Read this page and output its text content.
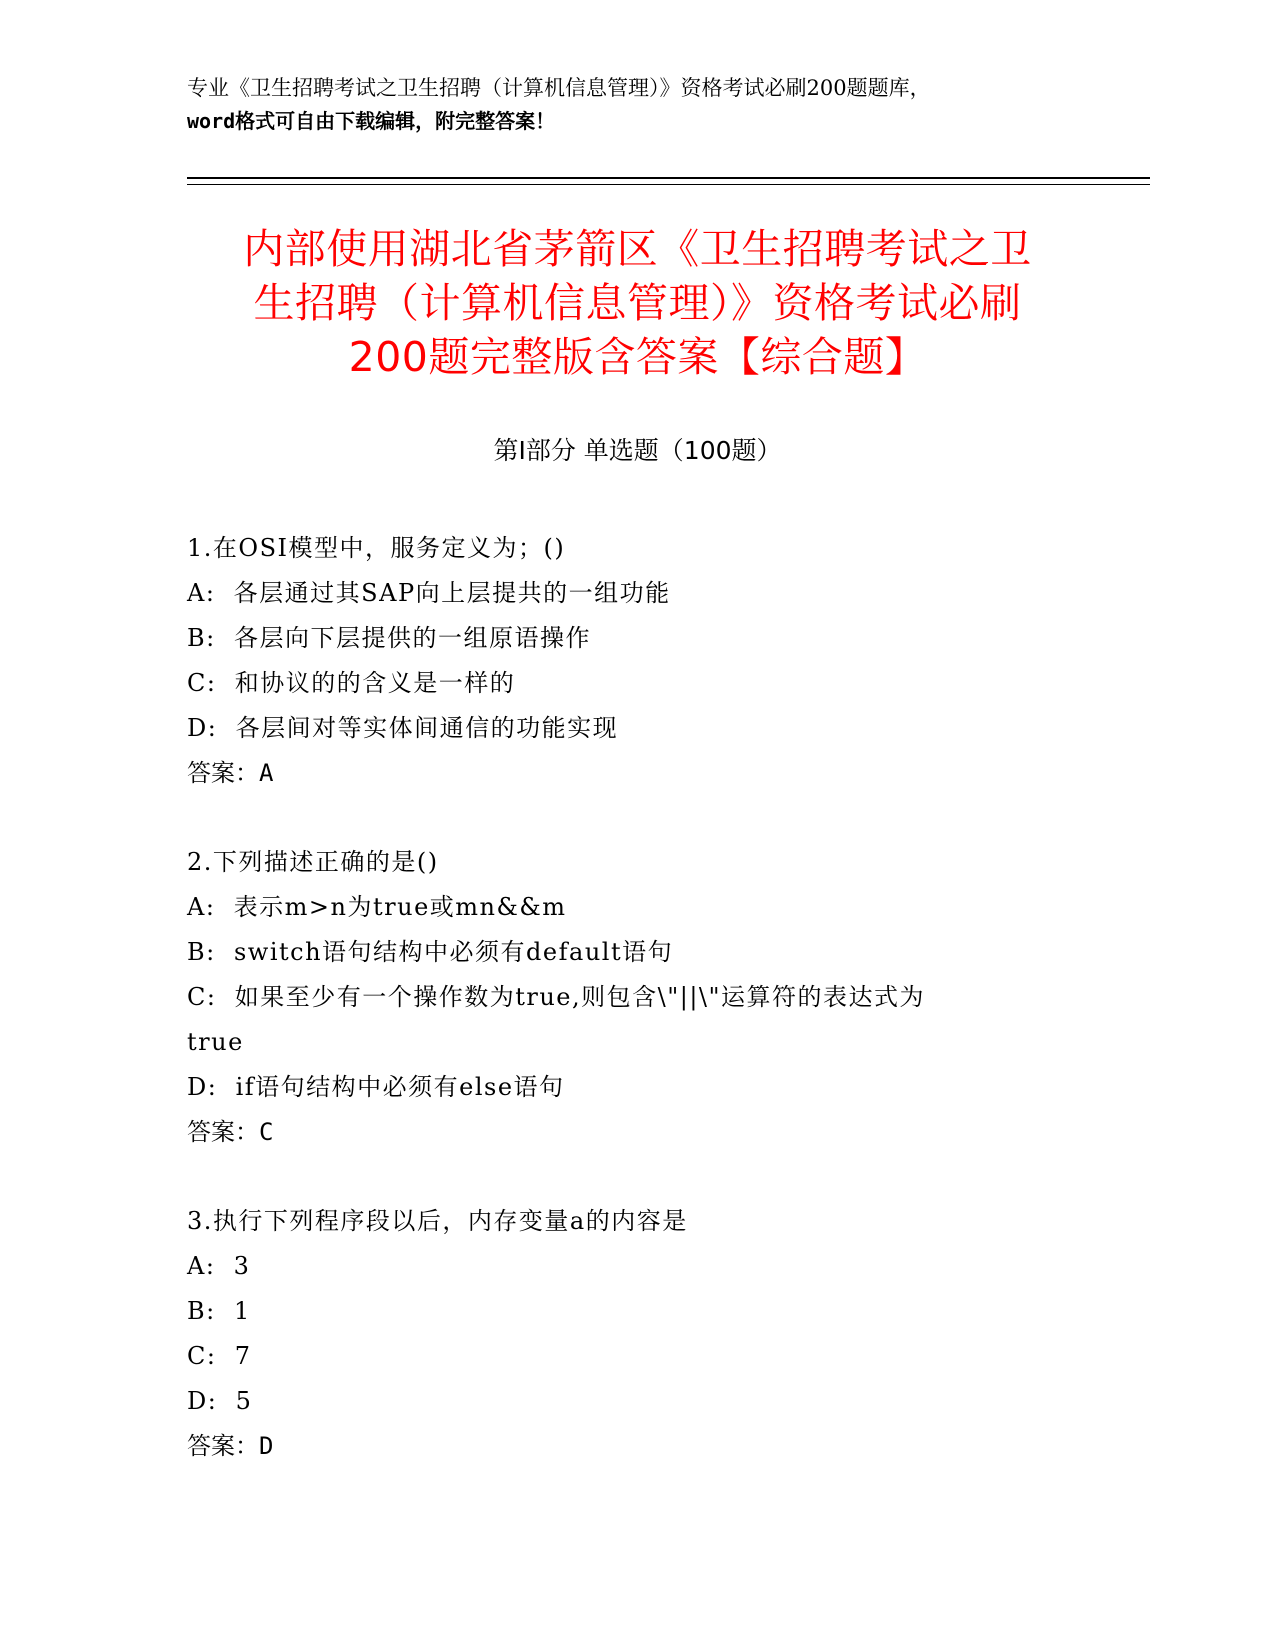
专业《卫生招聘考试之卫生招聘（计算机信息管理）》资格考试必刷200题题库，
word格式可自由下载编辑，附完整答案！
内部使用湖北省茅箭区《卫生招聘考试之卫
生招聘（计算机信息管理）》资格考试必刷
200题完整版含答案【综合题】
第Ⅰ部分 单选题（100题）
1.在OSI模型中，服务定义为；()
A:  各层通过其SAP向上层提共的一组功能
B:  各层向下层提供的一组原语操作
C:  和协议的的含义是一样的
D:  各层间对等实体间通信的功能实现
答案：A
2.下列描述正确的是()
A:  表示m>n为true或mn&&m
B:  switch语句结构中必须有default语句
C:  如果至少有一个操作数为true,则包含\"||\"运算符的表达式为
true
D:  if语句结构中必须有else语句
答案：C
3.执行下列程序段以后，内存变量a的内容是
A:  3
B:  1
C:  7
D:  5
答案：D
